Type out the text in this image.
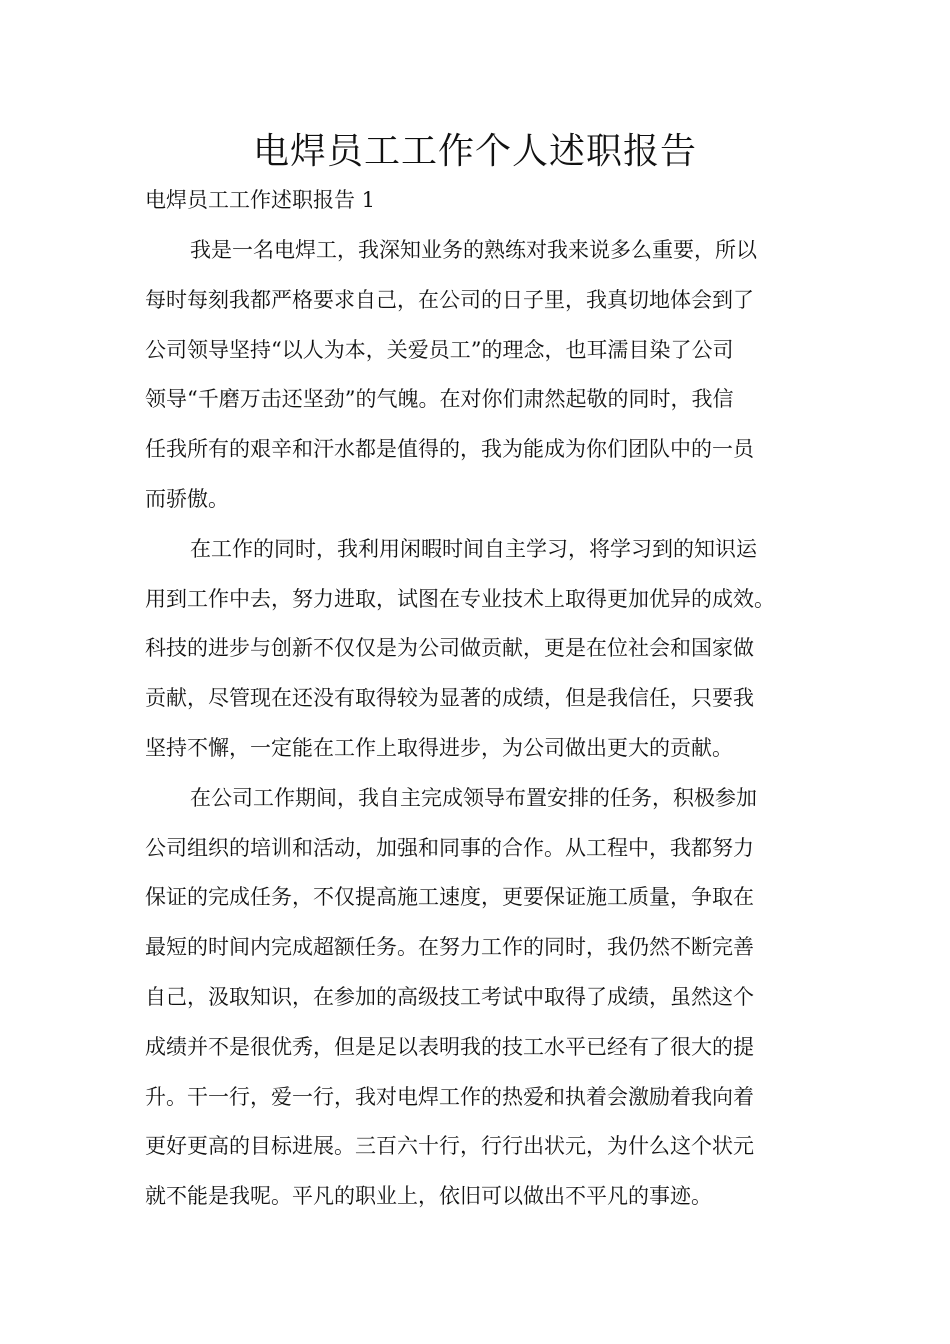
电焊员工工作个人述职报告

电焊员工工作述职报告 1

我是一名电焊工，我深知业务的熟练对我来说多么重要，所以
每时每刻我都严格要求自己，在公司的日子里，我真切地体会到了
公司领导坚持“以人为本，关爱员工”的理念，也耳濡目染了公司
领导“千磨万击还坚劲”的气魄。在对你们肃然起敬的同时，我信
任我所有的艰辛和汗水都是值得的，我为能成为你们团队中的一员
而骄傲。

在工作的同时，我利用闲暇时间自主学习，将学习到的知识运
用到工作中去，努力进取，试图在专业技术上取得更加优异的成效。
科技的进步与创新不仅仅是为公司做贡献，更是在位社会和国家做
贡献，尽管现在还没有取得较为显著的成绩，但是我信任，只要我
坚持不懈，一定能在工作上取得进步，为公司做出更大的贡献。

在公司工作期间，我自主完成领导布置安排的任务，积极参加
公司组织的培训和活动，加强和同事的合作。从工程中，我都努力
保证的完成任务，不仅提高施工速度，更要保证施工质量，争取在
最短的时间内完成超额任务。在努力工作的同时，我仍然不断完善
自己，汲取知识，在参加的高级技工考试中取得了成绩，虽然这个
成绩并不是很优秀，但是足以表明我的技工水平已经有了很大的提
升。干一行，爱一行，我对电焊工作的热爱和执着会激励着我向着
更好更高的目标进展。三百六十行，行行出状元，为什么这个状元
就不能是我呢。平凡的职业上，依旧可以做出不平凡的事迹。
